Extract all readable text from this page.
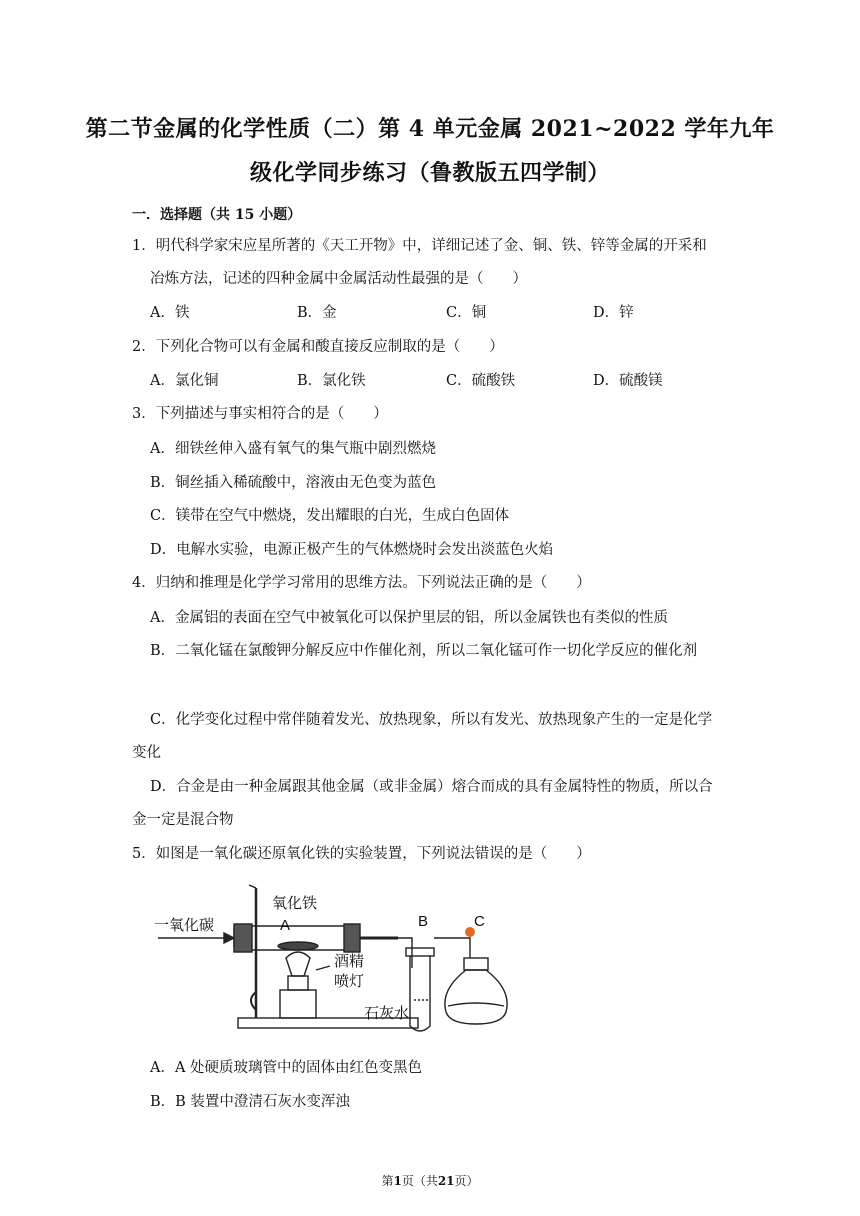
第二节金属的化学性质（二）第 4 单元金属 2021~2022 学年九年
级化学同步练习（鲁教版五四学制）
一．选择题（共 15 小题）
1．明代科学家宋应星所著的《天工开物》中，详细记述了金、铜、铁、锌等金属的开采和
冶炼方法，记述的四种金属中金属活动性最强的是（　　）
A．铁	B．金	C．铜	D．锌
2．下列化合物可以有金属和酸直接反应制取的是（　　）
A．氯化铜	B．氯化铁	C．硫酸铁	D．硫酸镁
3．下列描述与事实相符合的是（　　）
A．细铁丝伸入盛有氧气的集气瓶中剧烈燃烧
B．铜丝插入稀硫酸中，溶液由无色变为蓝色
C．镁带在空气中燃烧，发出耀眼的白光，生成白色固体
D．电解水实验，电源正极产生的气体燃烧时会发出淡蓝色火焰
4．归纳和推理是化学学习常用的思维方法。下列说法正确的是（　　）
A．金属铝的表面在空气中被氧化可以保护里层的铝，所以金属铁也有类似的性质
B．二氧化锰在氯酸钾分解反应中作催化剂，所以二氧化锰可作一切化学反应的催化剂
C．化学变化过程中常伴随着发光、放热现象，所以有发光、放热现象产生的一定是化学
变化
D．合金是由一种金属跟其他金属（或非金属）熔合而成的具有金属特性的物质，所以合
金一定是混合物
5．如图是一氧化碳还原氧化铁的实验装置，下列说法错误的是（　　）
一氧化碳
氧化铁
A	B	C
酒精
喷灯
石灰水
A．A 处硬质玻璃管中的固体由红色变黑色
B．B 装置中澄清石灰水变浑浊
第1页（共21页）
